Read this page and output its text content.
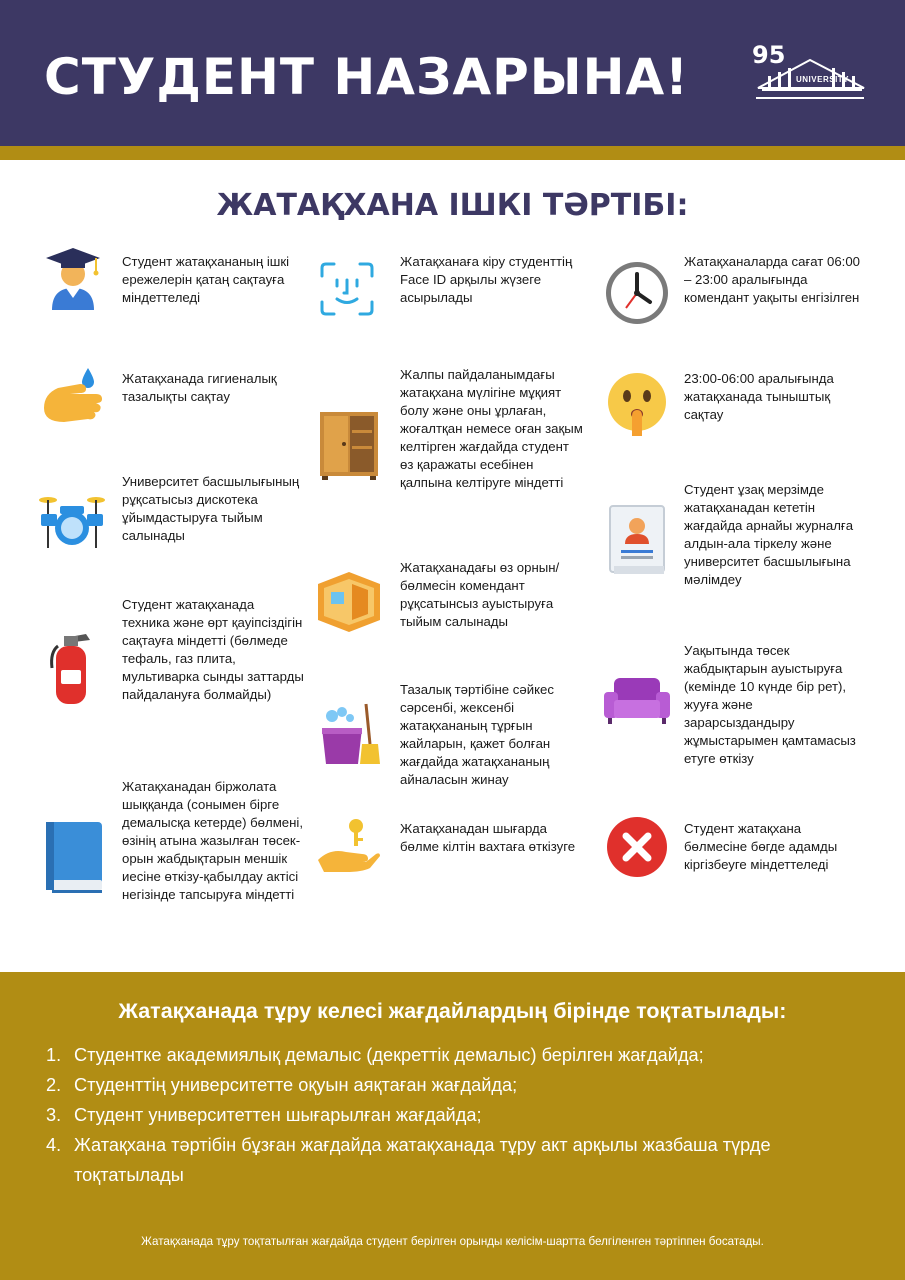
СТУДЕНТ НАЗАРЫНА!	95
UNIVERSITY
ЖАТАҚХАНА ІШКІ ТӘРТІБІ:
Студент жатақхананың ішкі ережелерін қатаң сақтауға міндеттеледі
Жатақханада гигиеналық тазалықты сақтау
Университет басшылығының рұқсатысыз дискотека ұйымдастыруға тыйым салынады
Студент жатақханада техника және өрт қауіпсіздігін сақтауға міндетті (бөлмеде тефаль, газ плита, мультиварка сынды заттарды пайдалануға болмайды)
Жатақханадан біржолата шыққанда (сонымен бірге демалысқа кетерде) бөлмені, өзінің атына жазылған төсек-орын жабдықтарын меншік иесіне өткізу-қабылдау актісі негізінде тапсыруға міндетті
Жатақханаға кіру студенттің Face ID арқылы жүзеге асырылады
Жалпы пайдаланымдағы жатақхана мүлігіне мұқият болу және оны ұрлаған, жоғалтқан немесе оған зақым келтірген жағдайда студент өз қаражаты есебінен қалпына келтіруге міндетті
Жатақханадағы өз орнын/бөлмесін комендант рұқсатынсыз ауыстыруға тыйым салынады
Тазалық тәртібіне сәйкес сәрсенбі, жексенбі жатақхананың тұрғын жайларын, қажет болған жағдайда жатақхананың айналасын жинау
Жатақханадан шығарда бөлме кілтін вахтаға өткізуге
Жатақханаларда сағат 06:00 – 23:00 аралығында комендант уақыты енгізілген
23:00-06:00 аралығында жатақханада тыныштық сақтау
Студент ұзақ мерзімде жатақханадан кететін жағдайда арнайы журналға алдын-ала тіркелу және университет басшылығына мәлімдеу
Уақытында төсек жабдықтарын ауыстыруға (кемінде 10 күнде бір рет), жууға және зарарсыздандыру жұмыстарымен қамтамасыз етуге өткізу
Студент жатақхана бөлмесіне бөгде адамды кіргізбеуге міндеттеледі
Жатақханада тұру келесі жағдайлардың бірінде тоқтатылады:
1. Студентке академиялық демалыс (декреттік демалыс) берілген жағдайда;
2. Студенттің университетте оқуын аяқтаған жағдайда;
3. Студент университеттен шығарылған жағдайда;
4. Жатақхана тәртібін бұзған жағдайда жатақханада тұру акт арқылы жазбаша түрде тоқтатылады
Жатақханада тұру тоқтатылған жағдайда студент берілген орынды келісім-шартта белгіленген тәртіппен босатады.
